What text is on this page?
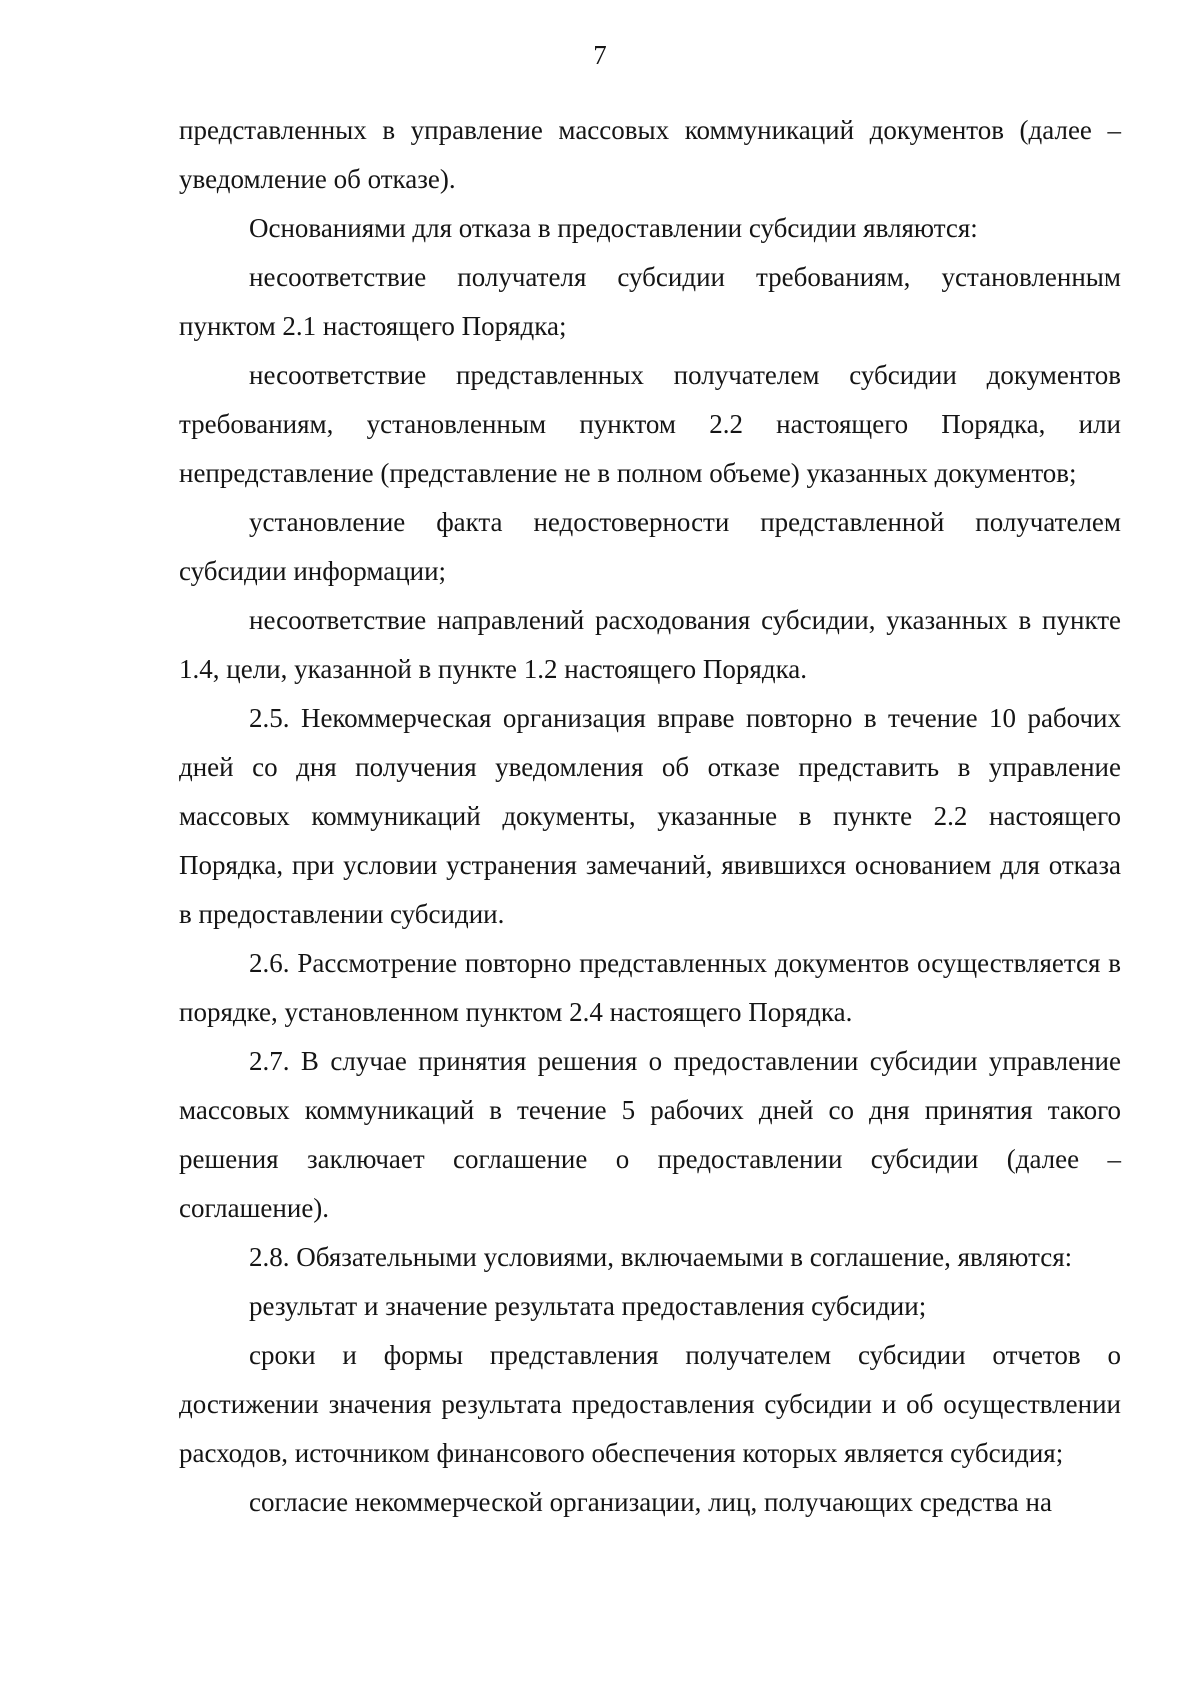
7

представленных в управление массовых коммуникаций документов (далее – уведомление об отказе).

Основаниями для отказа в предоставлении субсидии являются:

несоответствие получателя субсидии требованиям, установленным пунктом 2.1 настоящего Порядка;

несоответствие представленных получателем субсидии документов требованиям, установленным пунктом 2.2 настоящего Порядка, или непредставление (представление не в полном объеме) указанных документов;

установление факта недостоверности представленной получателем субсидии информации;

несоответствие направлений расходования субсидии, указанных в пункте 1.4, цели, указанной в пункте 1.2 настоящего Порядка.

2.5. Некоммерческая организация вправе повторно в течение 10 рабочих дней со дня получения уведомления об отказе представить в управление массовых коммуникаций документы, указанные в пункте 2.2 настоящего Порядка, при условии устранения замечаний, явившихся основанием для отказа в предоставлении субсидии.

2.6. Рассмотрение повторно представленных документов осуществляется в порядке, установленном пунктом 2.4 настоящего Порядка.

2.7. В случае принятия решения о предоставлении субсидии управление массовых коммуникаций в течение 5 рабочих дней со дня принятия такого решения заключает соглашение о предоставлении субсидии (далее – соглашение).

2.8. Обязательными условиями, включаемыми в соглашение, являются:

результат и значение результата предоставления субсидии;

сроки и формы представления получателем субсидии отчетов о достижении значения результата предоставления субсидии и об осуществлении расходов, источником финансового обеспечения которых является субсидия;

согласие некоммерческой организации, лиц, получающих средства на
